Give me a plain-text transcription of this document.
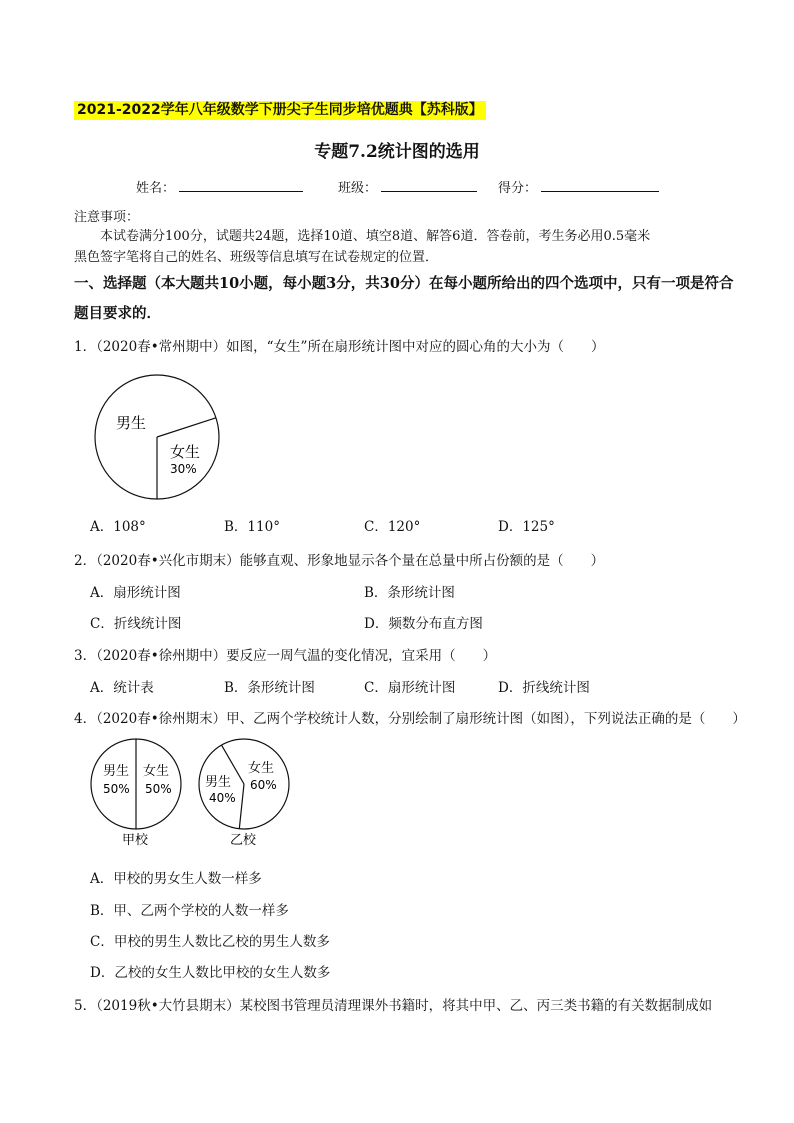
2021-2022学年八年级数学下册尖子生同步培优题典【苏科版】
专题7.2统计图的选用
姓名：	班级：	得分：
注意事项：
本试卷满分100分，试题共24题，选择10道、填空8道、解答6道．答卷前，考生务必用0.5毫米
黑色签字笔将自己的姓名、班级等信息填写在试卷规定的位置．
一、选择题（本大题共10小题，每小题3分，共30分）在每小题所给出的四个选项中，只有一项是符合
题目要求的．
1．（2020春•常州期中）如图，“女生”所在扇形统计图中对应的圆心角的大小为（　　）
男生
女生
30%
A．108°	B．110°	C．120°	D．125°
2．（2020春•兴化市期末）能够直观、形象地显示各个量在总量中所占份额的是（　　）
A．扇形统计图	B．条形统计图
C．折线统计图	D．频数分布直方图
3．（2020春•徐州期中）要反应一周气温的变化情况，宜采用（　　）
A．统计表	B．条形统计图	C．扇形统计图	D．折线统计图
4．（2020春•徐州期末）甲、乙两个学校统计人数，分别绘制了扇形统计图（如图），下列说法正确的是（　　）
男生
50%
女生
50%
甲校
男生
40%
女生
60%
乙校
A．甲校的男女生人数一样多
B．甲、乙两个学校的人数一样多
C．甲校的男生人数比乙校的男生人数多
D．乙校的女生人数比甲校的女生人数多
5．（2019秋•大竹县期末）某校图书管理员清理课外书籍时，将其中甲、乙、丙三类书籍的有关数据制成如
